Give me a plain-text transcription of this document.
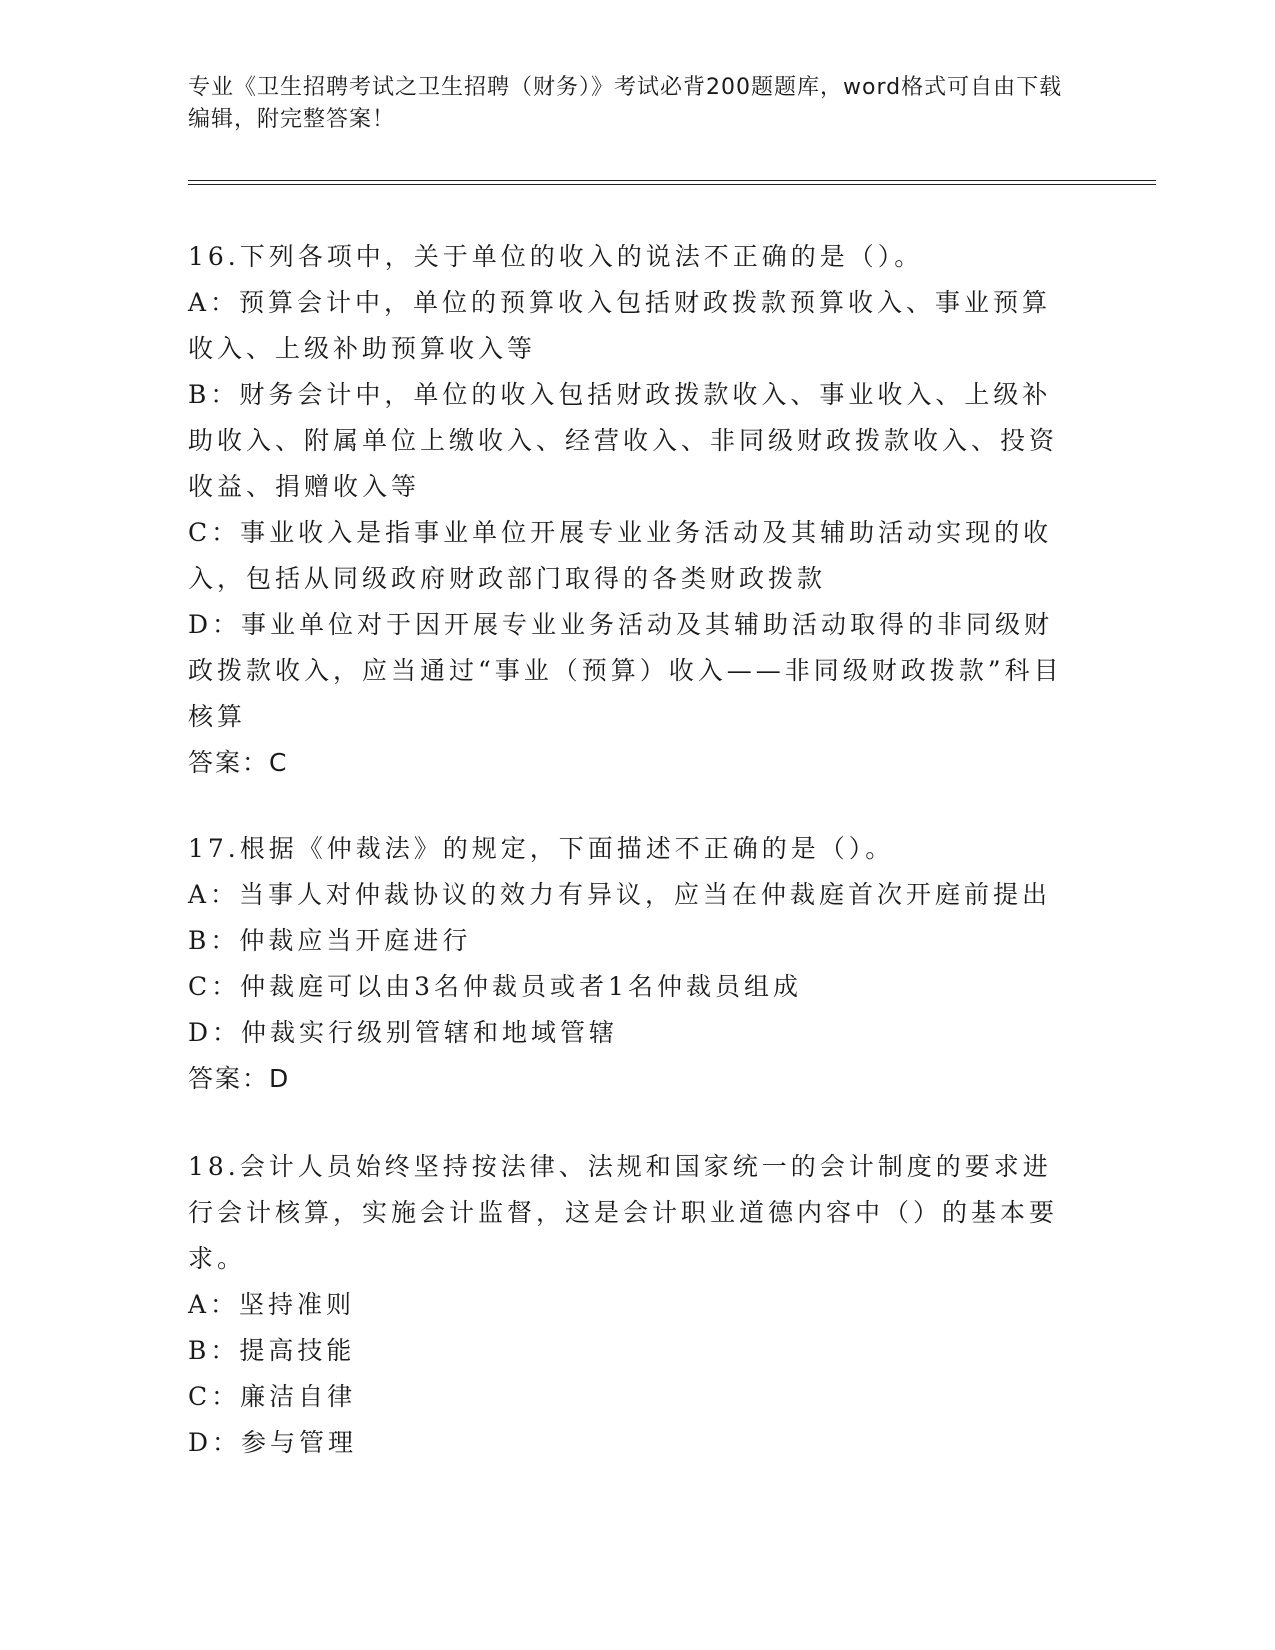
专业《卫生招聘考试之卫生招聘（财务）》考试必背200题题库，word格式可自由下载编辑，附完整答案！

16.下列各项中，关于单位的收入的说法不正确的是（）。

A：预算会计中，单位的预算收入包括财政拨款预算收入、事业预算收入、上级补助预算收入等

B：财务会计中，单位的收入包括财政拨款收入、事业收入、上级补助收入、附属单位上缴收入、经营收入、非同级财政拨款收入、投资收益、捐赠收入等

C：事业收入是指事业单位开展专业业务活动及其辅助活动实现的收入，包括从同级政府财政部门取得的各类财政拨款

D：事业单位对于因开展专业业务活动及其辅助活动取得的非同级财政拨款收入，应当通过“事业（预算）收入——非同级财政拨款”科目核算

答案：C

17.根据《仲裁法》的规定，下面描述不正确的是（）。

A：当事人对仲裁协议的效力有异议，应当在仲裁庭首次开庭前提出

B：仲裁应当开庭进行

C：仲裁庭可以由3名仲裁员或者1名仲裁员组成

D：仲裁实行级别管辖和地域管辖

答案：D

18.会计人员始终坚持按法律、法规和国家统一的会计制度的要求进行会计核算，实施会计监督，这是会计职业道德内容中（）的基本要求。

A：坚持准则

B：提高技能

C：廉洁自律

D：参与管理
